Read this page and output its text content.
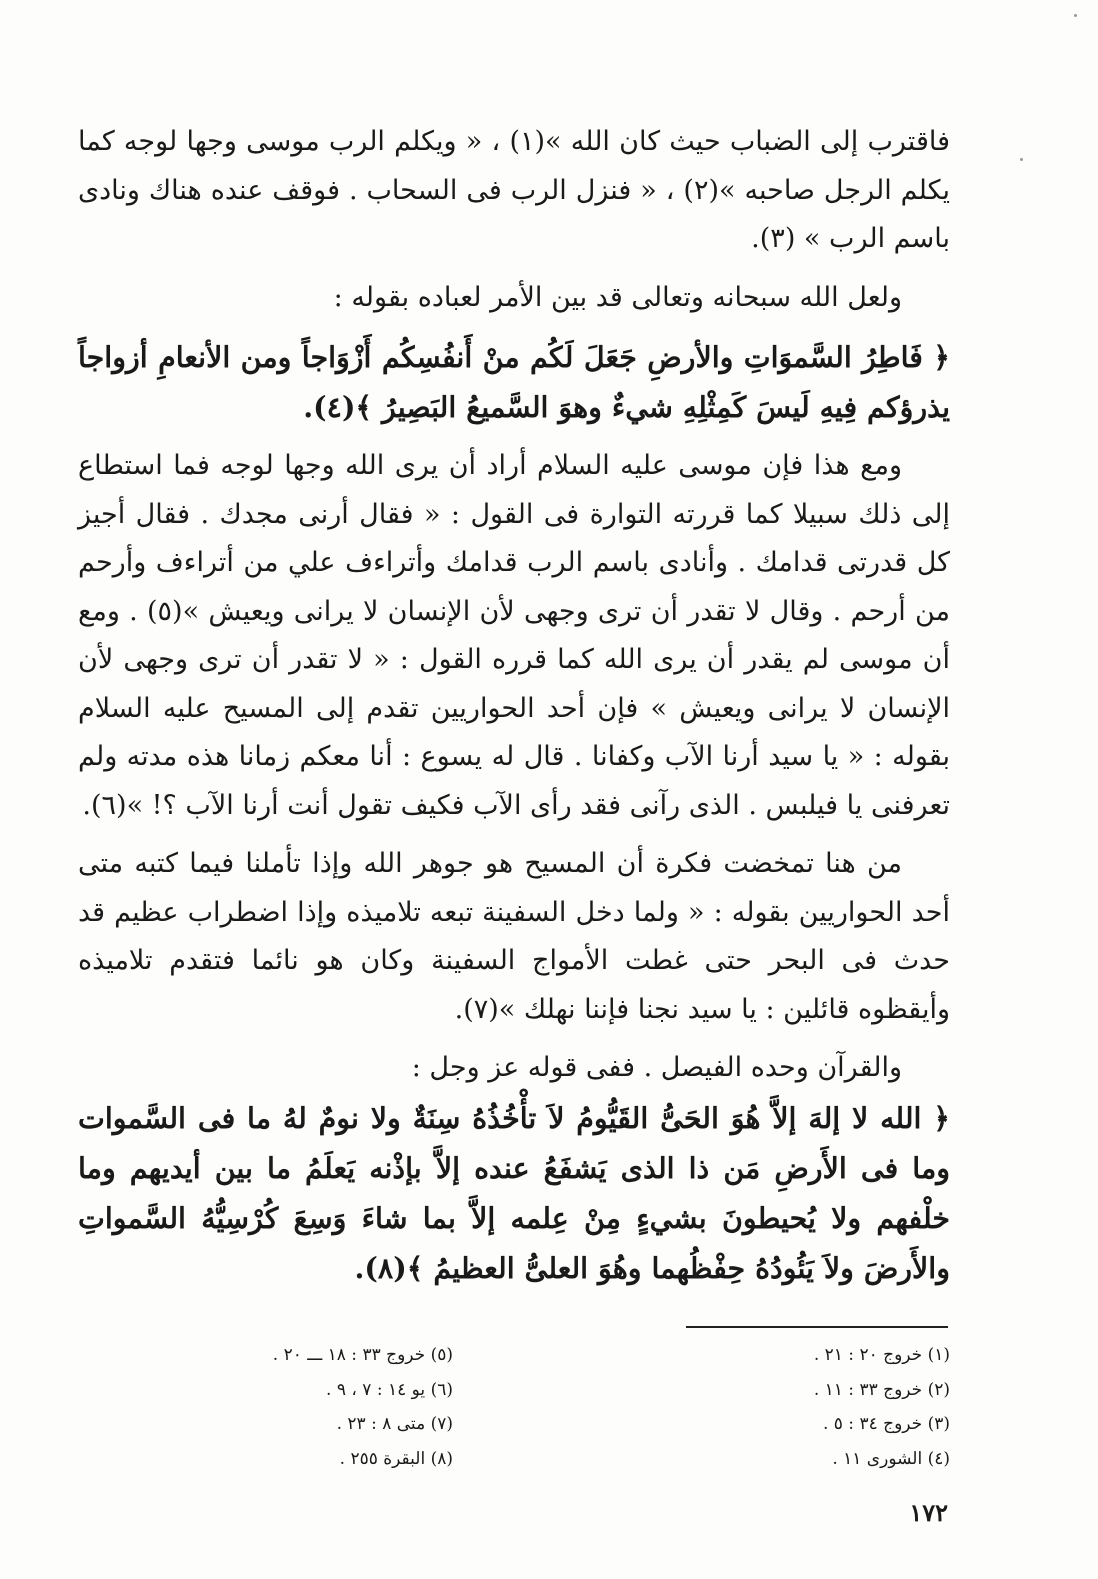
فاقترب إلى الضباب حيث كان الله »(١) ، « ويكلم الرب موسى وجها لوجه كما يكلم الرجل صاحبه »(٢) ، « فنزل الرب فى السحاب . فوقف عنده هناك ونادى باسم الرب » (٣).

ولعل الله سبحانه وتعالى قد بين الأمر لعباده بقوله :

﴿ فَاطِرُ السَّموَاتِ والأرضِ جَعَلَ لَكُم منْ أَنفُسِكُم أَزْوَاجاً ومن الأنعامِ أزواجاً يذرؤكم فِيهِ لَيسَ كَمِثْلِهِ شيءٌ وهوَ السَّميعُ البَصِيرُ ﴾(٤).

ومع هذا فإن موسى عليه السلام أراد أن يرى الله وجها لوجه فما استطاع إلى ذلك سبيلا كما قررته التوارة فى القول : « فقال أرنى مجدك . فقال أجيز كل قدرتى قدامك . وأنادى باسم الرب قدامك وأتراءف علي من أتراءف وأرحم من أرحم . وقال لا تقدر أن ترى وجهى لأن الإنسان لا يرانى ويعيش »(٥) . ومع أن موسى لم يقدر أن يرى الله كما قرره القول : « لا تقدر أن ترى وجهى لأن الإنسان لا يرانى ويعيش » فإن أحد الحواريين تقدم إلى المسيح عليه السلام بقوله : « يا سيد أرنا الآب وكفانا . قال له يسوع : أنا معكم زمانا هذه مدته ولم تعرفنى يا فيلبس . الذى رآنى فقد رأى الآب فكيف تقول أنت أرنا الآب ؟! »(٦).

من هنا تمخضت فكرة أن المسيح هو جوهر الله وإذا تأملنا فيما كتبه متى أحد الحواريين بقوله : « ولما دخل السفينة تبعه تلاميذه وإذا اضطراب عظيم قد حدث فى البحر حتى غطت الأمواج السفينة وكان هو نائما فتقدم تلاميذه وأيقظوه قائلين : يا سيد نجنا فإننا نهلك »(٧).

والقرآن وحده الفيصل . ففى قوله عز وجل :

﴿ الله لا إلهَ إلاَّ هُوَ الحَىُّ القَيُّومُ لاَ تأْخُذُهُ سِنَةٌ ولا نومٌ لهُ ما فى السَّموات وما فى الأَرضِ مَن ذا الذى يَشفَعُ عنده إلاَّ بإذْنه يَعلَمُ ما بين أيديهم وما خلْفهم ولا يُحيطونَ بشيءٍ مِنْ عِلمه إلاَّ بما شاءَ وَسِعَ كُرْسِيُّهُ السَّمواتِ والأَرضَ ولاَ يَئُودُهُ حِفْظُهما وهُوَ العلىُّ العظيمُ ﴾(٨).

(١) خروج ٢٠ : ٢١ .
(٢) خروج ٣٣ : ١١ .
(٣) خروج ٣٤ : ٥ .
(٤) الشورى ١١ .
(٥) خروج ٣٣ : ١٨ ـــ ٢٠ .
(٦) يو ١٤ : ٧ ، ٩ .
(٧) متى ٨ : ٢٣ .
(٨) البقرة ٢٥٥ .
١٧٢
